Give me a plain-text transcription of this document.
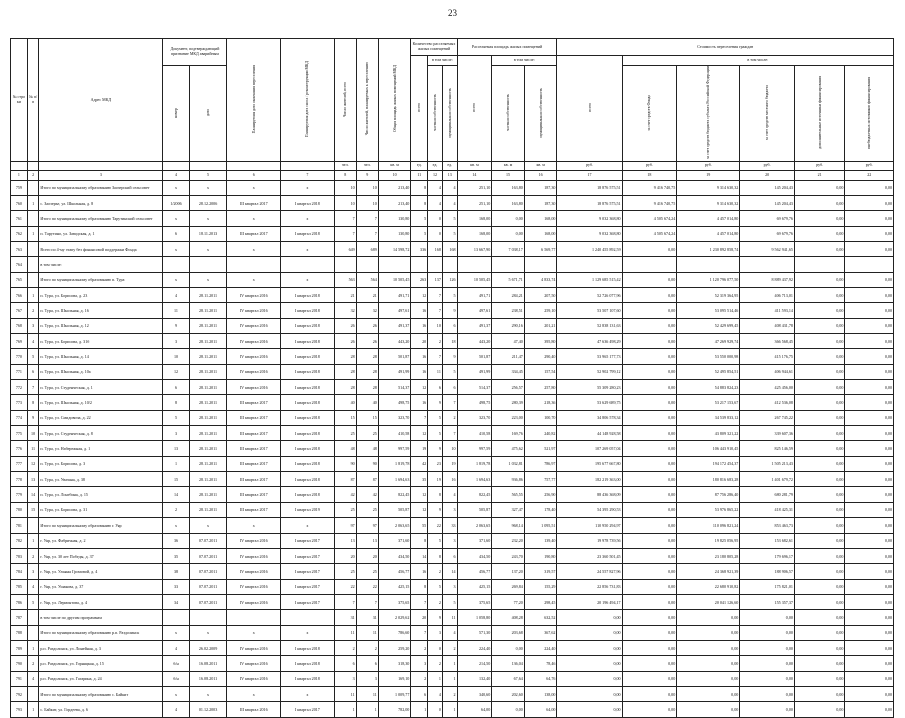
23
№ стро ки	№ п/п	Адрес МКД	Документ, подтверждающий признание МКД аварийным		Планируемая дата окончания переселения	Планируемая дата сноса / реконструкции МКД	Число жителей, всего	Число жителей, планируемых к переселению	Общая площадь жилых помещений МКД	Количество расселяемых жилых помещений			Расселяемая площадь жилых помещений			Стоимость переселения граждан					
										всего	в том числе:		всего	в том числе:		всего	в том числе:				
			номер	дата							частная собственность	муниципальная собственность		частная собственность	муниципальная собственность		за счет средств Фонда	за счет средств бюджета субъекта Российской Федерации	за счет средств местного бюджета	дополнительные источники финансирования	внебюджетных источников финансирования
							чел.	чел.	кв. м	ед.	ед.	ед.	кв. м	кв. м	кв. м	руб.	руб.	руб.	руб.	руб.	руб.
1	2	3	4	5	6	7	8	9	10	11	12	13	14	15	16	17	18	19	20	21	22
759		Итого по муниципальному образованию Заозерский сельсовет	x	x	x	x	10	10	213,40	8	4	4	251,10	163,80	187,30	18 876 575,51	9 416 740,75	9 314 630,32	145 204,43	0,00	0,00
760	1	с. Заозерье, ул. Школьная, д. 8	1/2006	28.12.2006	III квартал 2017	I квартал 2018	10	10	213,40	8	4	4	251,10	163,80	187,30	18 876 575,51	9 416 740,75	9 314 630,32	145 204,43	0,00	0,00
761		Итого по муниципальному образованию Тарутинский сельсовет	x	x	x	x	7	7	130,80	5	0	5	168,00	0,00	168,00	9 032 368,80	4 505 674,24	4 457 014,80	69 679,76	0,00	0,00
762	1	п. Тарутино, ул. Заводская, д. 1	6	18.11.2013	III квартал 2017	I квартал 2018	7	7	130,80	5	0	5	168,00	0,00	168,00	9 032 368,80	4 505 674,24	4 457 014,80	69 679,76	0,00	0,00
763		Всего по 4-му этапу без финансовой поддержки Фонда	x	x	x	x	649	689	14 598,72	336	168	168	13 667,90	7 038,17	6 569,77	1 240 455 892,59	0,00	1 230 892 858,74	9 562 941,65	0,00	0,00
764		в том числе:																			
765		Итого по муниципальному образованию п. Тура	x	x	x	x	563	564	10 505,45	263	137	126	10 505,45	5 671,71	4 833,74	1 129 685 515,42	0,00	1 120 796 077,50	8 889 437,92	0,00	0,00
766	1	п. Тура, ул. Борисова, д. 23	4	28.11.2011	IV квартал 2016	I квартал 2018	21	21	491,71	12	7	5	491,71	284,21	207,50	52 726 077,96	0,00	52 319 364,95	406 713,01	0,00	0,00
767	2	п. Тура, ул. Школьная, д. 16	11	28.11.2011	IV квартал 2016	I квартал 2018	32	32	497,61	16	7	9	497,61	238,51	259,10	53 507 107,60	0,00	53 095 514,46	411 593,14	0,00	0,00
768	3	п. Тура, ул. Школьная, д. 12	9	28.11.2011	IV квартал 2016	I квартал 2018	26	26	491,37	16	10	6	491,37	290,16	201,21	52 838 131,63	0,00	52 429 699,45	408 431,78	0,00	0,00
769	4	п. Тура, ул. Борисова, д. 31б	3	28.11.2011	IV квартал 2016	I квартал 2018	26	26	443,20	20	2	18	443,20	47,40	395,80	47 636 498,29	0,00	47 269 929,74	366 568,45	0,00	0,00
770	5	п. Тура, ул. Школьная, д. 14	10	28.11.2011	IV квартал 2016	I квартал 2018	28	28	501,87	16	7	9	501,87	211,47	290,40	53 965 177,73	0,00	53 550 000,98	415 176,75	0,00	0,00
771	6	п. Тура, ул. Школьная, д. 10а	12	28.11.2011	IV квартал 2016	I квартал 2018	28	28	491,99	16	11	5	491,99	334,45	157,54	52 902 799,12	0,00	52 495 854,51	406 944,61	0,00	0,00
772	7	п. Тура, ул. Студенческая, д. 1	6	28.11.2011	IV квартал 2016	I квартал 2018	28	28	514,37	12	6	6	514,37	256,57	257,80	55 309 280,23	0,00	54 883 824,23	425 456,00	0,00	0,00
773	8	п. Тура, ул. Школьная, д. 10/2	8	28.11.2011	III квартал 2017	I квартал 2018	40	40	498,75	16	9	7	498,75	280,39	218,36	53 629 689,75	0,00	53 217 153,67	412 536,08	0,00	0,00
774	9	п. Тура, ул. Смидовича, д. 22	5	28.11.2011	III квартал 2017	I квартал 2018	15	15	323,70	7	5	2	323,70	223,00	100,70	34 806 578,34	0,00	34 539 833,12	267 745,22	0,00	0,00
775	10	п. Тура, ул. Студенческая, д. 8	3	28.11.2011	III квартал 2017	I квартал 2018	25	25	410,58	12	5	7	410,58	169,76	240,82	44 148 928,58	0,00	43 809 321,22	339 607,36	0,00	0,00
776	11	п. Тура, ул. Набережная, д. 1	13	28.11.2011	III квартал 2017	I квартал 2018	48	48	997,59	19	9	10	997,59	475,62	521,97	107 269 057,04	0,00	106 443 910,45	825 146,59	0,00	0,00
777	12	п. Тура, ул. Борисова, д. 3	1	28.11.2011	III квартал 2017	I квартал 2018	90	90	1 819,78	42	23	19	1 819,78	1 032,81	786,97	195 677 667,80	0,00	194 172 454,37	1 505 213,43	0,00	0,00
778	13	п. Тура, ул. Увачана, д. 38	15	28.11.2011	III квартал 2017	I квартал 2018	87	87	1 694,63	35	19	16	1 694,63	936,86	757,77	182 219 363,00	0,00	180 816 683,28	1 401 679,72	0,00	0,00
779	14	п. Тура, ул. Лонгбина, д. 15	14	28.11.2011	III квартал 2017	I квартал 2018	42	42	822,45	12	8	4	822,45	565,55	256,90	88 436 368,09	0,00	87 756 286,40	680 281,79	0,00	0,00
780	15	п. Тура, ул. Борисова, д. 31	2	28.11.2011	III квартал 2017	I квартал 2019	25	25	505,87	12	9	3	505,87	327,47	178,40	54 395 290,53	0,00	53 976 865,22	418 425,31	0,00	0,00
781		Итого по муниципальному образованию г. Уяр	x	x	x	x	97	97	2 063,65	55	22	33	2 063,65	968,14	1 095,51	110 950 294,97	0,00	110 096 821,24	853 463,73	0,00	0,00
782	1	г. Уяр, ул. Фабричная, д. 2	36	07.07.2011	IV квартал 2016	I квартал 2017	13	13	371,60	8	5	3	371,60	232,20	139,40	19 978 739,56	0,00	19 825 056,95	153 682,61	0,00	0,00
783	2	г. Уяр, ул. 30 лет Победы, д. 37	35	07.07.2011	IV квартал 2016	I квартал 2017	20	20	434,50	14	8	6	434,50	243,70	190,80	23 360 501,45	0,00	23 180 805,28	179 696,17	0,00	0,00
784	3	г. Уяр, ул. Ульяны Громовой, д. 4	38	07.07.2011	IV квартал 2016	I квартал 2017	25	25	456,77	16	2	14	456,77	137,20	319,57	24 557 827,96	0,00	24 368 921,39	188 906,57	0,00	0,00
785	4	г. Уяр, ул. Ушакова, д. 37	33	07.07.2011	IV квартал 2016	I квартал 2017	22	22	425,15	8	5	3	425,15	269,84	155,29	22 856 731,83	0,00	22 680 910,82	175 821,01	0,00	0,00
786	5	г. Уяр, ул. Лермонтова, д. 4	34	07.07.2011	IV квартал 2016	I квартал 2017	7	7	375,65	7	2	5	375,65	77,20	298,45	20 196 494,17	0,00	20 041 126,60	155 357,37	0,00	0,00
787		в том числе по другим программам					31	31	2 029,62	20	9	11	1 058,80	408,28	632,52	0,00	0,00	0,00	0,00	0,00	0,00
788		Итого по муниципальному образованию р.п. Раздолинск	x	x	x	x	11	11	786,60	7	3	4	571,30	203,68	367,62	0,00	0,00	0,00	0,00	0,00	0,00
789	1	р.п. Раздолинск, ул. Линейная, д. 3	4	26.02.2009	IV квартал 2016	I квартал 2018	2	2	259,20	2	0	2	224,40	0,00	224,40	0,00	0,00	0,00	0,00	0,00	0,00
790	2	р.п. Раздолинск, ул. Горняцкая, д. 15	б/н	16.08.2011	IV квартал 2016	I квартал 2018	6	6	318,30	3	2	1	214,50	136,04	78,46	0,00	0,00	0,00	0,00	0,00	0,00
791	4	р.п. Раздолинск, ул. Гагарина, д. 24	б/н	16.08.2011	IV квартал 2016	I квартал 2018	3	3	169,10	2	1	1	132,40	67,64	64,76	0,00	0,00	0,00	0,00	0,00	0,00
792		Итого по муниципальному образованию с. Байкит	x	x	x	x	11	11	1 009,77	6	4	2	340,60	202,60	138,00	0,00	0,00	0,00	0,00	0,00	0,00
793	1	с. Байкит, ул. Гордеева, д. 6	4	01.12.2003	III квартал 2016	I квартал 2017	1	1	782,00	1	0	1	64,00	0,00	64,00	0,00	0,00	0,00	0,00	0,00	0,00
